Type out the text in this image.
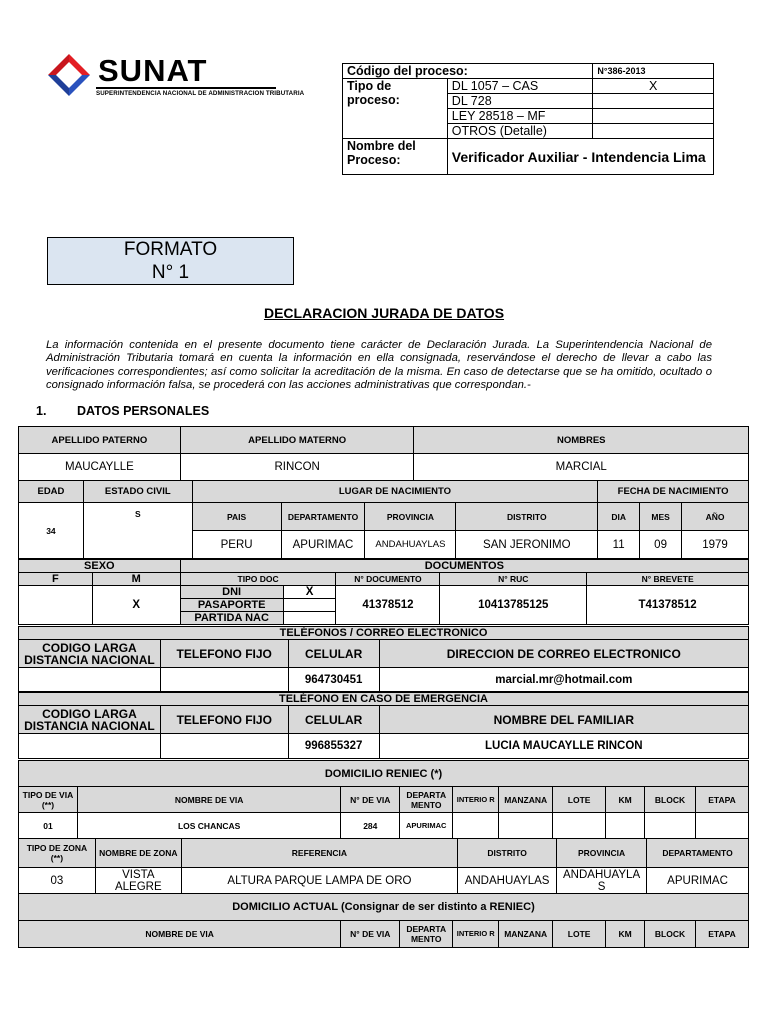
SUNAT
SUPERINTENDENCIA NACIONAL DE ADMINISTRACION TRIBUTARIA
Código del proceso:		N°386-2013
Tipo de proceso:	DL 1057 – CAS	X
	DL 728	
	LEY 28518 – MF	
	OTROS (Detalle)	
Nombre del Proceso:	Verificador Auxiliar - Intendencia Lima	
FORMATO
N° 1
DECLARACION JURADA DE DATOS
La información contenida en el presente documento tiene carácter de Declaración Jurada. La Superintendencia Nacional de Administración Tributaria tomará en cuenta la información en ella consignada, reservándose el derecho de llevar a cabo las verificaciones correspondientes; así como solicitar la acreditación de la misma. En caso de detectarse que se ha omitido, ocultado o consignado información falsa, se procederá con las acciones administrativas que correspondan.-
1. DATOS PERSONALES
APELLIDO PATERNO	APELLIDO MATERNO	NOMBRES
MAUCAYLLE	RINCON	MARCIAL
EDAD	ESTADO CIVIL	LUGAR DE NACIMIENTO				FECHA DE NACIMIENTO		
34	S	PAIS	DEPARTAMENTO	PROVINCIA	DISTRITO	DIA	MES	AÑO
		PERU	APURIMAC	ANDAHUAYLAS	SAN JERONIMO	11	09	1979
SEXO		DOCUMENTOS				
F	M	TIPO DOC		N° DOCUMENTO	N° RUC	N° BREVETE
	X	DNI	X	41378512	10413785125	T41378512
		PASAPORTE				
		PARTIDA NAC				
TELÉFONOS / CORREO ELECTRONICO			
CODIGO LARGA DISTANCIA NACIONAL	TELEFONO FIJO	CELULAR	DIRECCION DE CORREO ELECTRONICO
		964730451	marcial.mr@hotmail.com
TELÉFONO EN CASO DE EMERGENCIA			
CODIGO LARGA DISTANCIA NACIONAL	TELEFONO FIJO	CELULAR	NOMBRE DEL FAMILIAR
		996855327	LUCIA MAUCAYLLE RINCON
DOMICILIO RENIEC (*)									
TIPO DE VIA (**)	NOMBRE DE VIA	N° DE VIA	DEPARTA MENTO	INTERIO R	MANZANA	LOTE	KM	BLOCK	ETAPA
01	LOS CHANCAS	284	APURIMAC						
TIPO DE ZONA (**)	NOMBRE DE ZONA	REFERENCIA	DISTRITO	PROVINCIA	DEPARTAMENTO
03	VISTA ALEGRE	ALTURA PARQUE LAMPA DE ORO	ANDAHUAYLAS	ANDAHUAYLA S	APURIMAC
DOMICILIO ACTUAL (Consignar de ser distinto a RENIEC)
NOMBRE DE VIA	N° DE VIA	DEPARTA MENTO	INTERIO R	MANZANA	LOTE	KM	BLOCK	ETAPA
